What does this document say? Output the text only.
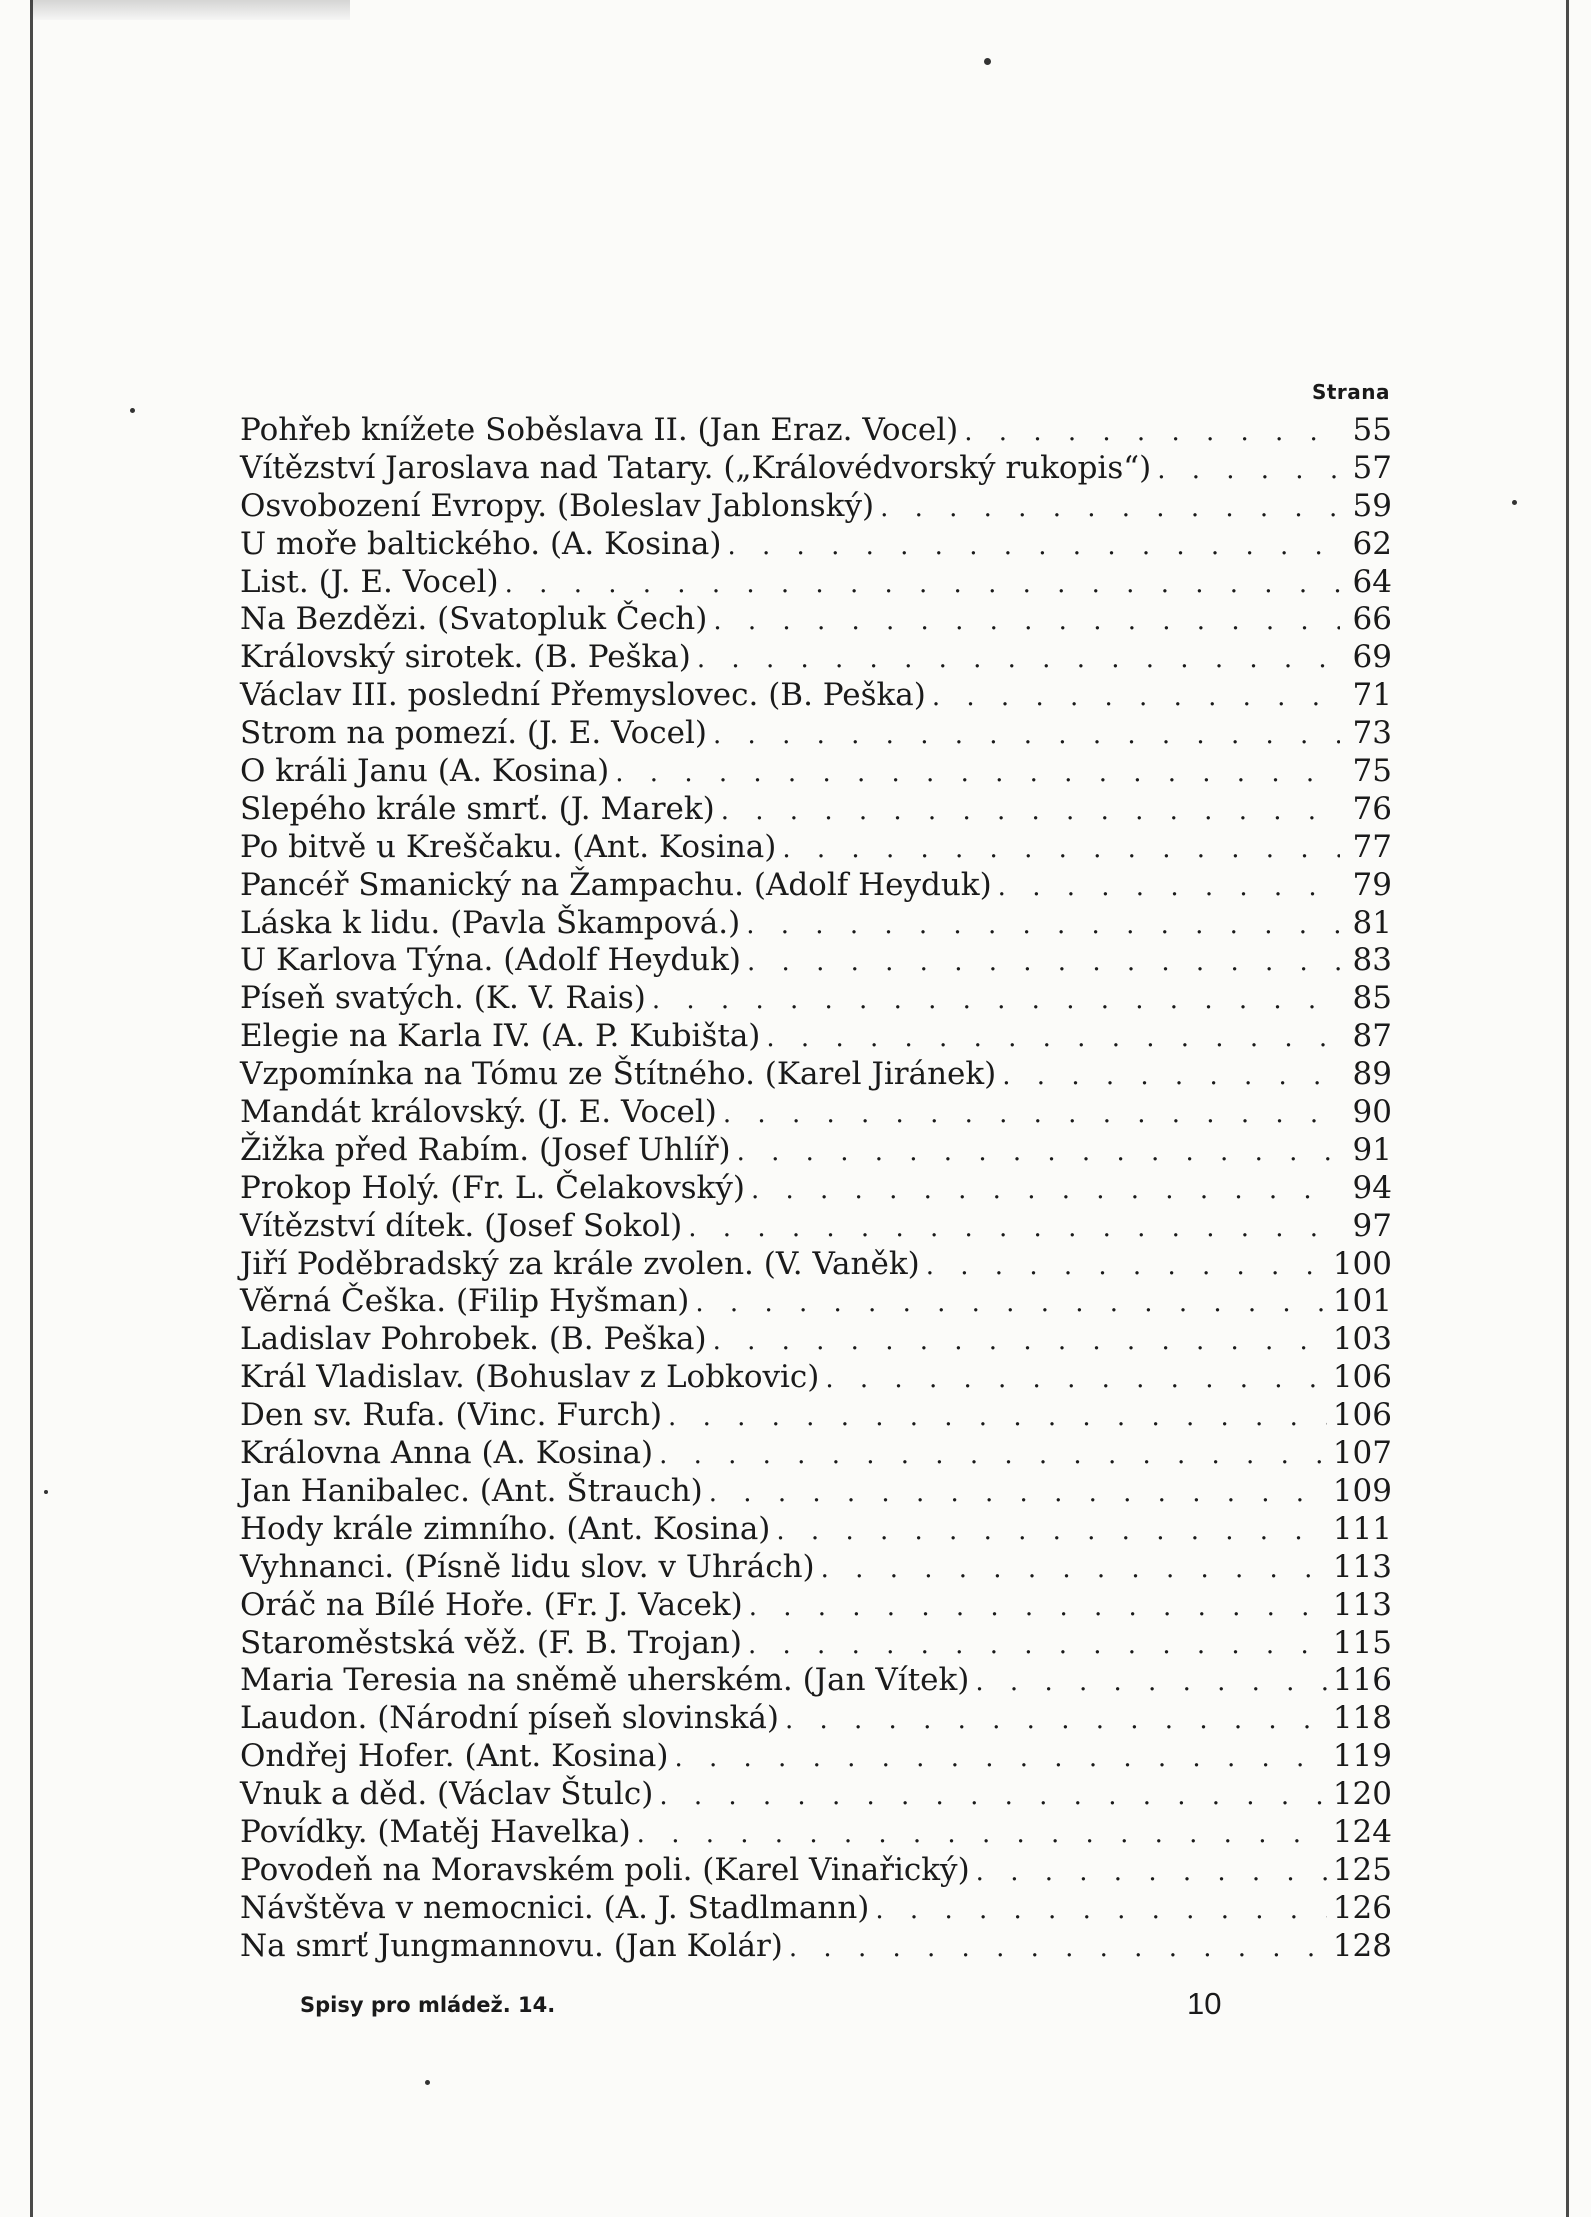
Strana
Pohřeb knížete Soběslava II. (Jan Eraz. Vocel) . . .	55
Vítězství Jaroslava nad Tatary. („Královédvorský rukopis“) . . .	57
Osvobození Evropy. (Boleslav Jablonský) . . .	59
U moře baltického. (A. Kosina) . . .	62
List. (J. E. Vocel) . . .	64
Na Bezdězi. (Svatopluk Čech) . . .	66
Královský sirotek. (B. Peška) . . .	69
Václav III. poslední Přemyslovec. (B. Peška) . . .	71
Strom na pomezí. (J. E. Vocel) . . .	73
O králi Janu (A. Kosina) . . .	75
Slepého krále smrť. (J. Marek) . . .	76
Po bitvě u Kreščaku. (Ant. Kosina) . . .	77
Pancéř Smanický na Žampachu. (Adolf Heyduk) . . .	79
Láska k lidu. (Pavla Škampová.) . . .	81
U Karlova Týna. (Adolf Heyduk) . . .	83
Píseň svatých. (K. V. Rais) . . .	85
Elegie na Karla IV. (A. P. Kubišta) . . .	87
Vzpomínka na Tómu ze Štítného. (Karel Jiránek) . . .	89
Mandát královský. (J. E. Vocel) . . .	90
Žižka před Rabím. (Josef Uhlíř) . . .	91
Prokop Holý. (Fr. L. Čelakovský) . . .	94
Vítězství dítek. (Josef Sokol) . . .	97
Jiří Poděbradský za krále zvolen. (V. Vaněk) . . .	100
Věrná Češka. (Filip Hyšman) . . .	101
Ladislav Pohrobek. (B. Peška) . . .	103
Král Vladislav. (Bohuslav z Lobkovic) . . .	106
Den sv. Rufa. (Vinc. Furch) . . .	106
Královna Anna (A. Kosina) . . .	107
Jan Hanibalec. (Ant. Štrauch) . . .	109
Hody krále zimního. (Ant. Kosina) . . .	111
Vyhnanci. (Písně lidu slov. v Uhrách) . . .	113
Oráč na Bílé Hoře. (Fr. J. Vacek) . . .	113
Staroměstská věž. (F. B. Trojan) . . .	115
Maria Teresia na sněmě uherském. (Jan Vítek) . . .	116
Laudon. (Národní píseň slovinská) . . .	118
Ondřej Hofer. (Ant. Kosina) . . .	119
Vnuk a děd. (Václav Štulc) . . .	120
Povídky. (Matěj Havelka) . . .	124
Povodeň na Moravském poli. (Karel Vinařický) . . .	125
Návštěva v nemocnici. (A. J. Stadlmann) . . .	126
Na smrť Jungmannovu. (Jan Kolár) . . .	128
Spisy pro mládež. 14.	10
